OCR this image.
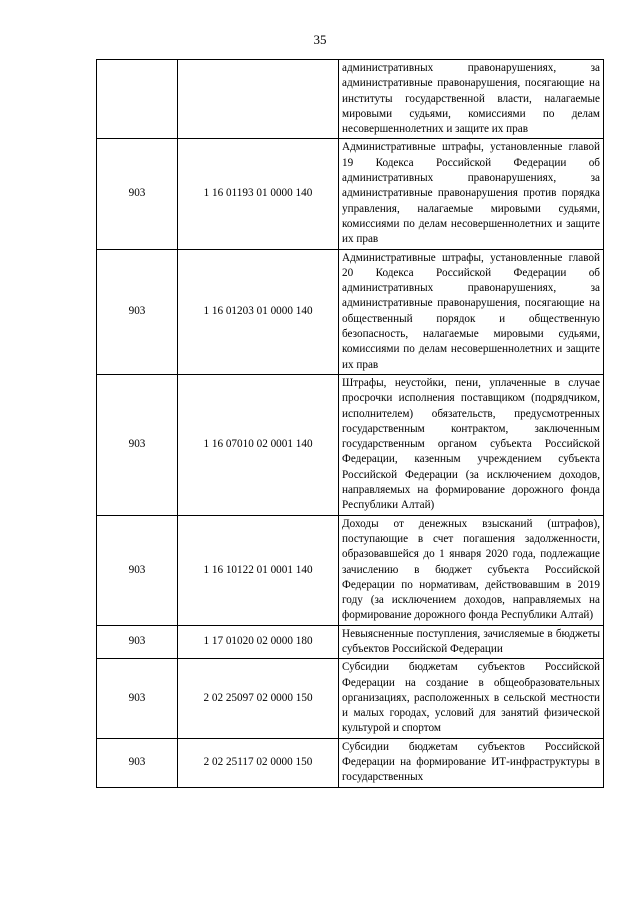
35
		административных правонарушениях, за административные правонарушения, посягающие на институты государственной власти, налагаемые мировыми судьями, комиссиями по делам несовершеннолетних и защите их прав
903	1 16 01193 01 0000 140	Административные штрафы, установленные главой 19 Кодекса Российской Федерации об административных правонарушениях, за административные правонарушения против порядка управления, налагаемые мировыми судьями, комиссиями по делам несовершеннолетних и защите их прав
903	1 16 01203 01 0000 140	Административные штрафы, установленные главой 20 Кодекса Российской Федерации об административных правонарушениях, за административные правонарушения, посягающие на общественный порядок и общественную безопасность, налагаемые мировыми судьями, комиссиями по делам несовершеннолетних и защите их прав
903	1 16 07010 02 0001 140	Штрафы, неустойки, пени, уплаченные в случае просрочки исполнения поставщиком (подрядчиком, исполнителем) обязательств, предусмотренных государственным контрактом, заключенным государственным органом субъекта Российской Федерации, казенным учреждением субъекта Российской Федерации (за исключением доходов, направляемых на формирование дорожного фонда Республики Алтай)
903	1 16 10122 01 0001 140	Доходы от денежных взысканий (штрафов), поступающие в счет погашения задолженности, образовавшейся до 1 января 2020 года, подлежащие зачислению в бюджет субъекта Российской Федерации по нормативам, действовавшим в 2019 году (за исключением доходов, направляемых на формирование дорожного фонда Республики Алтай)
903	1 17 01020 02 0000 180	Невыясненные поступления, зачисляемые в бюджеты субъектов Российской Федерации
903	2 02 25097 02 0000 150	Субсидии бюджетам субъектов Российской Федерации на создание в общеобразовательных организациях, расположенных в сельской местности и малых городах, условий для занятий физической культурой и спортом
903	2 02 25117 02 0000 150	Субсидии бюджетам субъектов Российской Федерации на формирование ИТ-инфраструктуры в государственных
